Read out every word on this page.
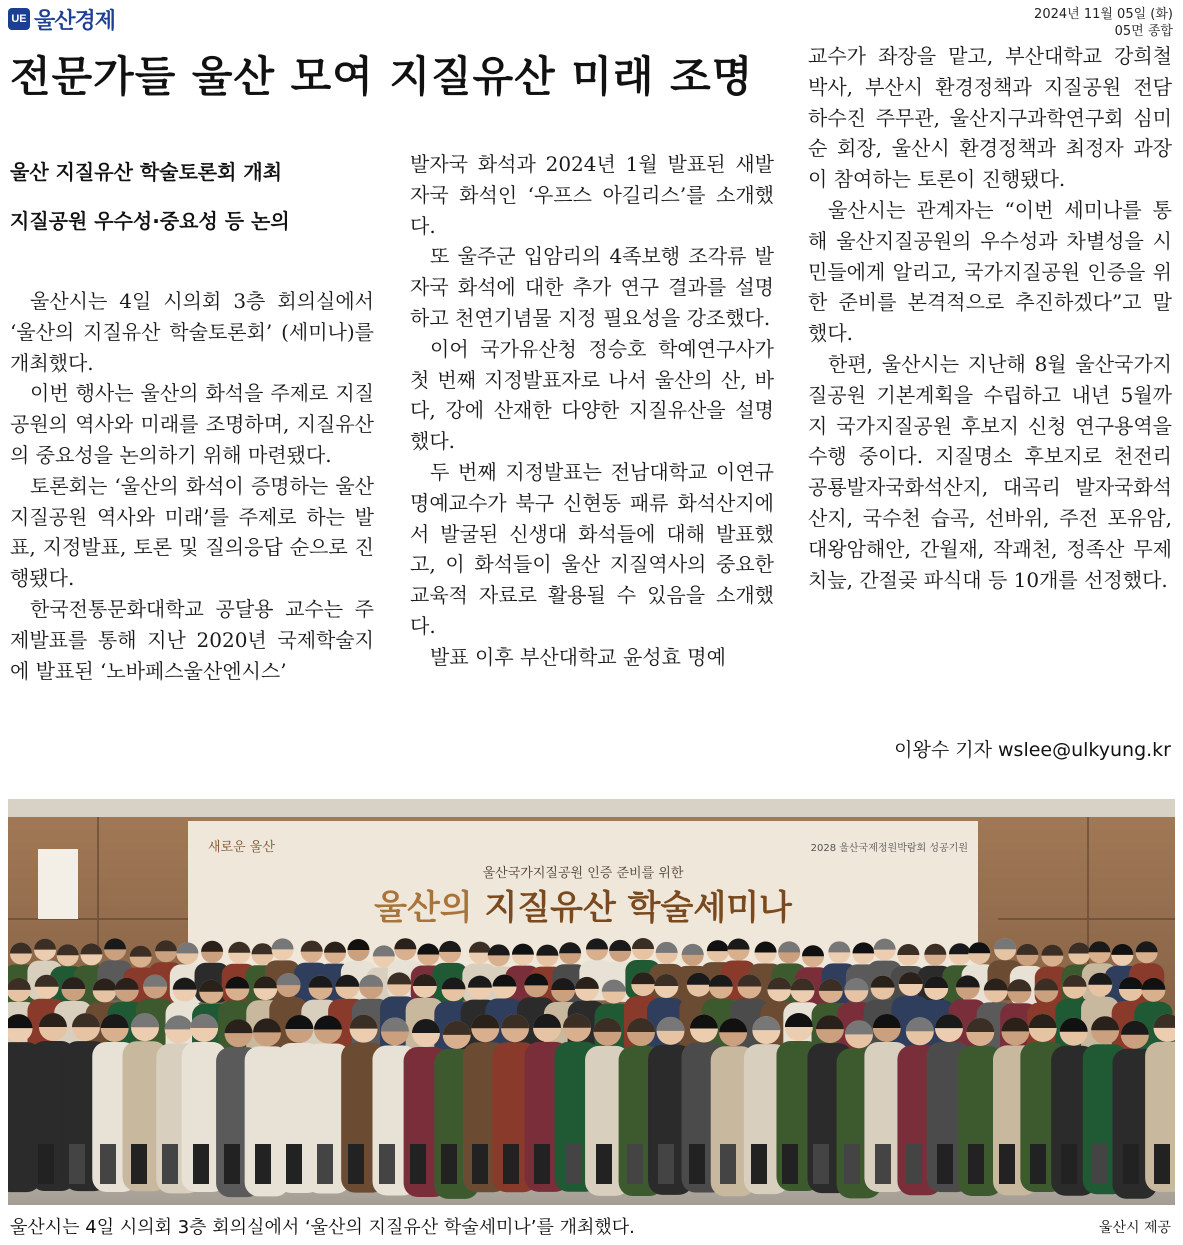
UE 울산경제	2024년 11월 05일 (화)
05면 종합
전문가들 울산 모여 지질유산 미래 조명
울산 지질유산 학술토론회 개최
지질공원 우수성·중요성 등 논의

울산시는 4일 시의회 3층 회의실에서 ‘울산의 지질유산 학술토론회’ (세미나)를 개최했다.

이번 행사는 울산의 화석을 주제로 지질공원의 역사와 미래를 조명하며, 지질유산의 중요성을 논의하기 위해 마련됐다.

토론회는 ‘울산의 화석이 증명하는 울산지질공원 역사와 미래’를 주제로 하는 발표, 지정발표, 토론 및 질의응답 순으로 진행됐다.

한국전통문화대학교 공달용 교수는 주제발표를 통해 지난 2020년 국제학술지에 발표된 ‘노바페스울산엔시스’

발자국 화석과 2024년 1월 발표된 새발자국 화석인 ‘우프스 아길리스’를 소개했다.

또 울주군 입암리의 4족보행 조각류 발자국 화석에 대한 추가 연구 결과를 설명하고 천연기념물 지정 필요성을 강조했다.

이어 국가유산청 정승호 학예연구사가 첫 번째 지정발표자로 나서 울산의 산, 바다, 강에 산재한 다양한 지질유산을 설명했다.

두 번째 지정발표는 전남대학교 이연규 명예교수가 북구 신현동 패류 화석산지에서 발굴된 신생대 화석들에 대해 발표했고, 이 화석들이 울산 지질역사의 중요한 교육적 자료로 활용될 수 있음을 소개했다.

발표 이후 부산대학교 윤성효 명예

교수가 좌장을 맡고, 부산대학교 강희철 박사, 부산시 환경정책과 지질공원 전담 하수진 주무관, 울산지구과학연구회 심미순 회장, 울산시 환경정책과 최정자 과장이 참여하는 토론이 진행됐다.

울산시는 관계자는 “이번 세미나를 통해 울산지질공원의 우수성과 차별성을 시민들에게 알리고, 국가지질공원 인증을 위한 준비를 본격적으로 추진하겠다”고 말했다.

한편, 울산시는 지난해 8월 울산국가지질공원 기본계획을 수립하고 내년 5월까지 국가지질공원 후보지 신청 연구용역을 수행 중이다. 지질명소 후보지로 천전리 공룡발자국화석산지, 대곡리 발자국화석산지, 국수천 습곡, 선바위, 주전 포유암, 대왕암해안, 간월재, 작괘천, 정족산 무제치늪, 간절곶 파식대 등 10개를 선정했다.

이왕수 기자 wslee@ulkyung.kr
새로운 울산	2028 울산국제정원박람회 성공기원
울산국가지질공원 인증 준비를 위한
울산의 지질유산 학술세미나
울산시는 4일 시의회 3층 회의실에서 ‘울산의 지질유산 학술세미나’를 개최했다.	울산시 제공
